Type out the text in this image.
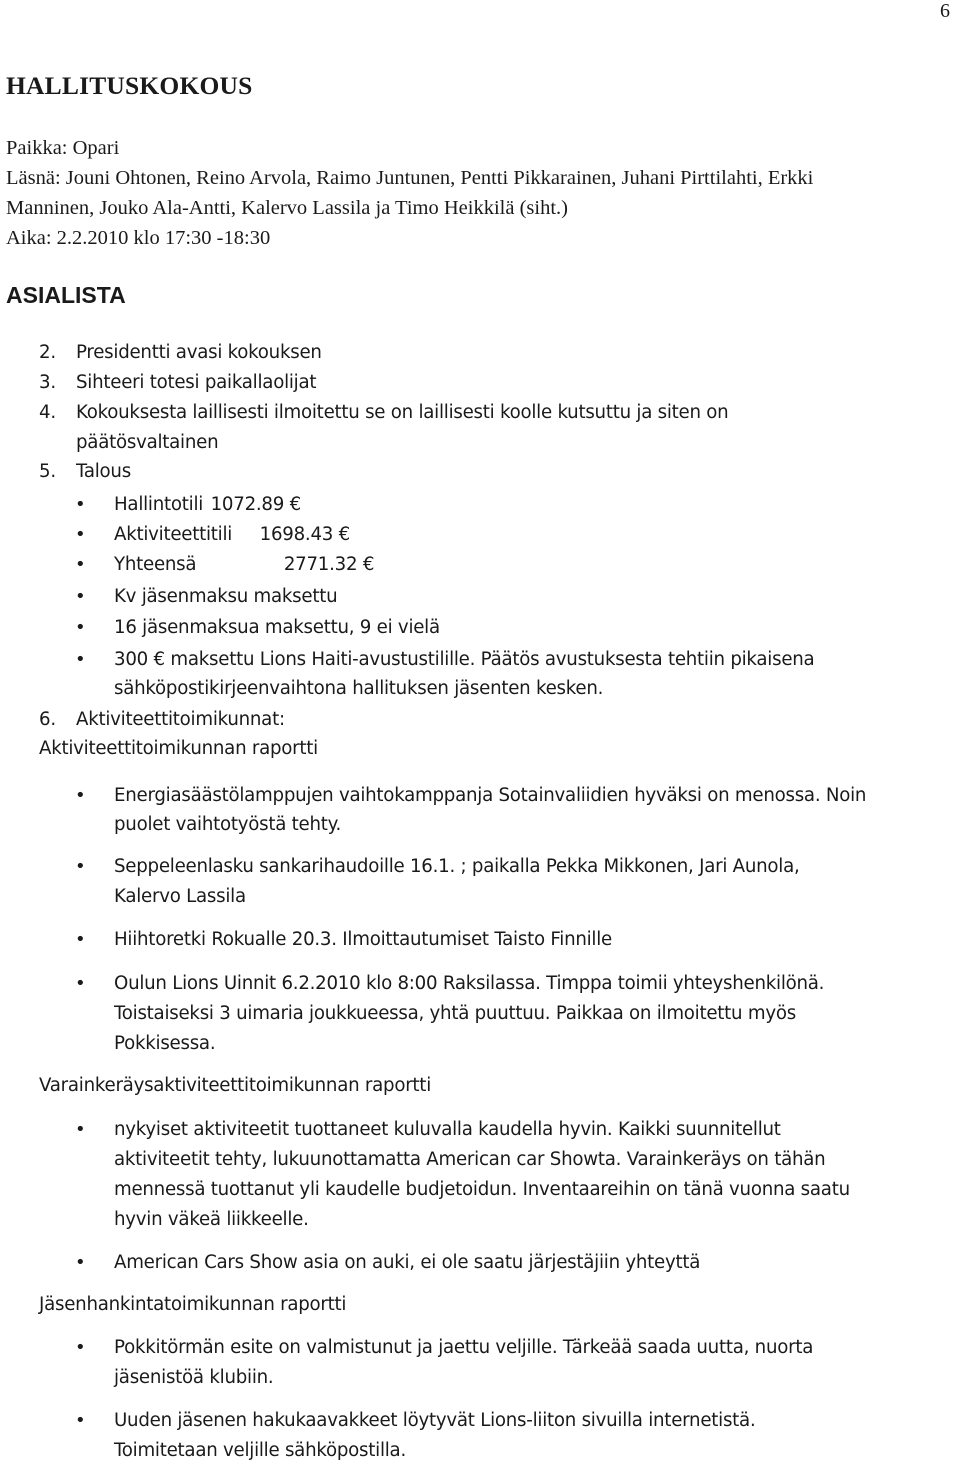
6
HALLITUSKOKOUS
Paikka: Opari
Läsnä: Jouni Ohtonen, Reino Arvola, Raimo Juntunen, Pentti Pikkarainen, Juhani Pirttilahti, Erkki
Manninen, Jouko Ala-Antti, Kalervo Lassila ja Timo Heikkilä (siht.)
Aika: 2.2.2010 klo 17:30 -18:30
ASIALISTA
2. Presidentti avasi kokouksen
3. Sihteeri totesi paikallaolijat
4. Kokouksesta laillisesti ilmoitettu se on laillisesti koolle kutsuttu ja siten on
päätösvaltainen
5. Talous
• Hallintotili 1072.89 €
• Aktiviteettitili 1698.43 €
• Yhteensä	2771.32 €
• Kv jäsenmaksu maksettu
• 16 jäsenmaksua maksettu, 9 ei vielä
• 300 € maksettu Lions Haiti-avustustilille. Päätös avustuksesta tehtiin pikaisena
sähköpostikirjeenvaihtona hallituksen jäsenten kesken.
6. Aktiviteettitoimikunnat:
Aktiviteettitoimikunnan raportti
• Energiasäästölamppujen vaihtokamppanja Sotainvaliidien hyväksi on menossa. Noin
puolet vaihtotyöstä tehty.
• Seppeleenlasku sankarihaudoille 16.1. ; paikalla Pekka Mikkonen, Jari Aunola,
Kalervo Lassila
• Hiihtoretki Rokualle 20.3. Ilmoittautumiset Taisto Finnille
• Oulun Lions Uinnit 6.2.2010 klo 8:00 Raksilassa. Timppa toimii yhteyshenkilönä.
Toistaiseksi 3 uimaria joukkueessa, yhtä puuttuu. Paikkaa on ilmoitettu myös
Pokkisessa.
Varainkeräysaktiviteettitoimikunnan raportti
• nykyiset aktiviteetit tuottaneet kuluvalla kaudella hyvin. Kaikki suunnitellut
aktiviteetit tehty, lukuunottamatta American car Showta. Varainkeräys on tähän
mennessä tuottanut yli kaudelle budjetoidun. Inventaareihin on tänä vuonna saatu
hyvin väkeä liikkeelle.
• American Cars Show asia on auki, ei ole saatu järjestäjiin yhteyttä
Jäsenhankintatoimikunnan raportti
• Pokkitörmän esite on valmistunut ja jaettu veljille. Tärkeää saada uutta, nuorta
jäsenistöä klubiin.
• Uuden jäsenen hakukaavakkeet löytyvät Lions-liiton sivuilla internetistä.
Toimitetaan veljille sähköpostilla.
